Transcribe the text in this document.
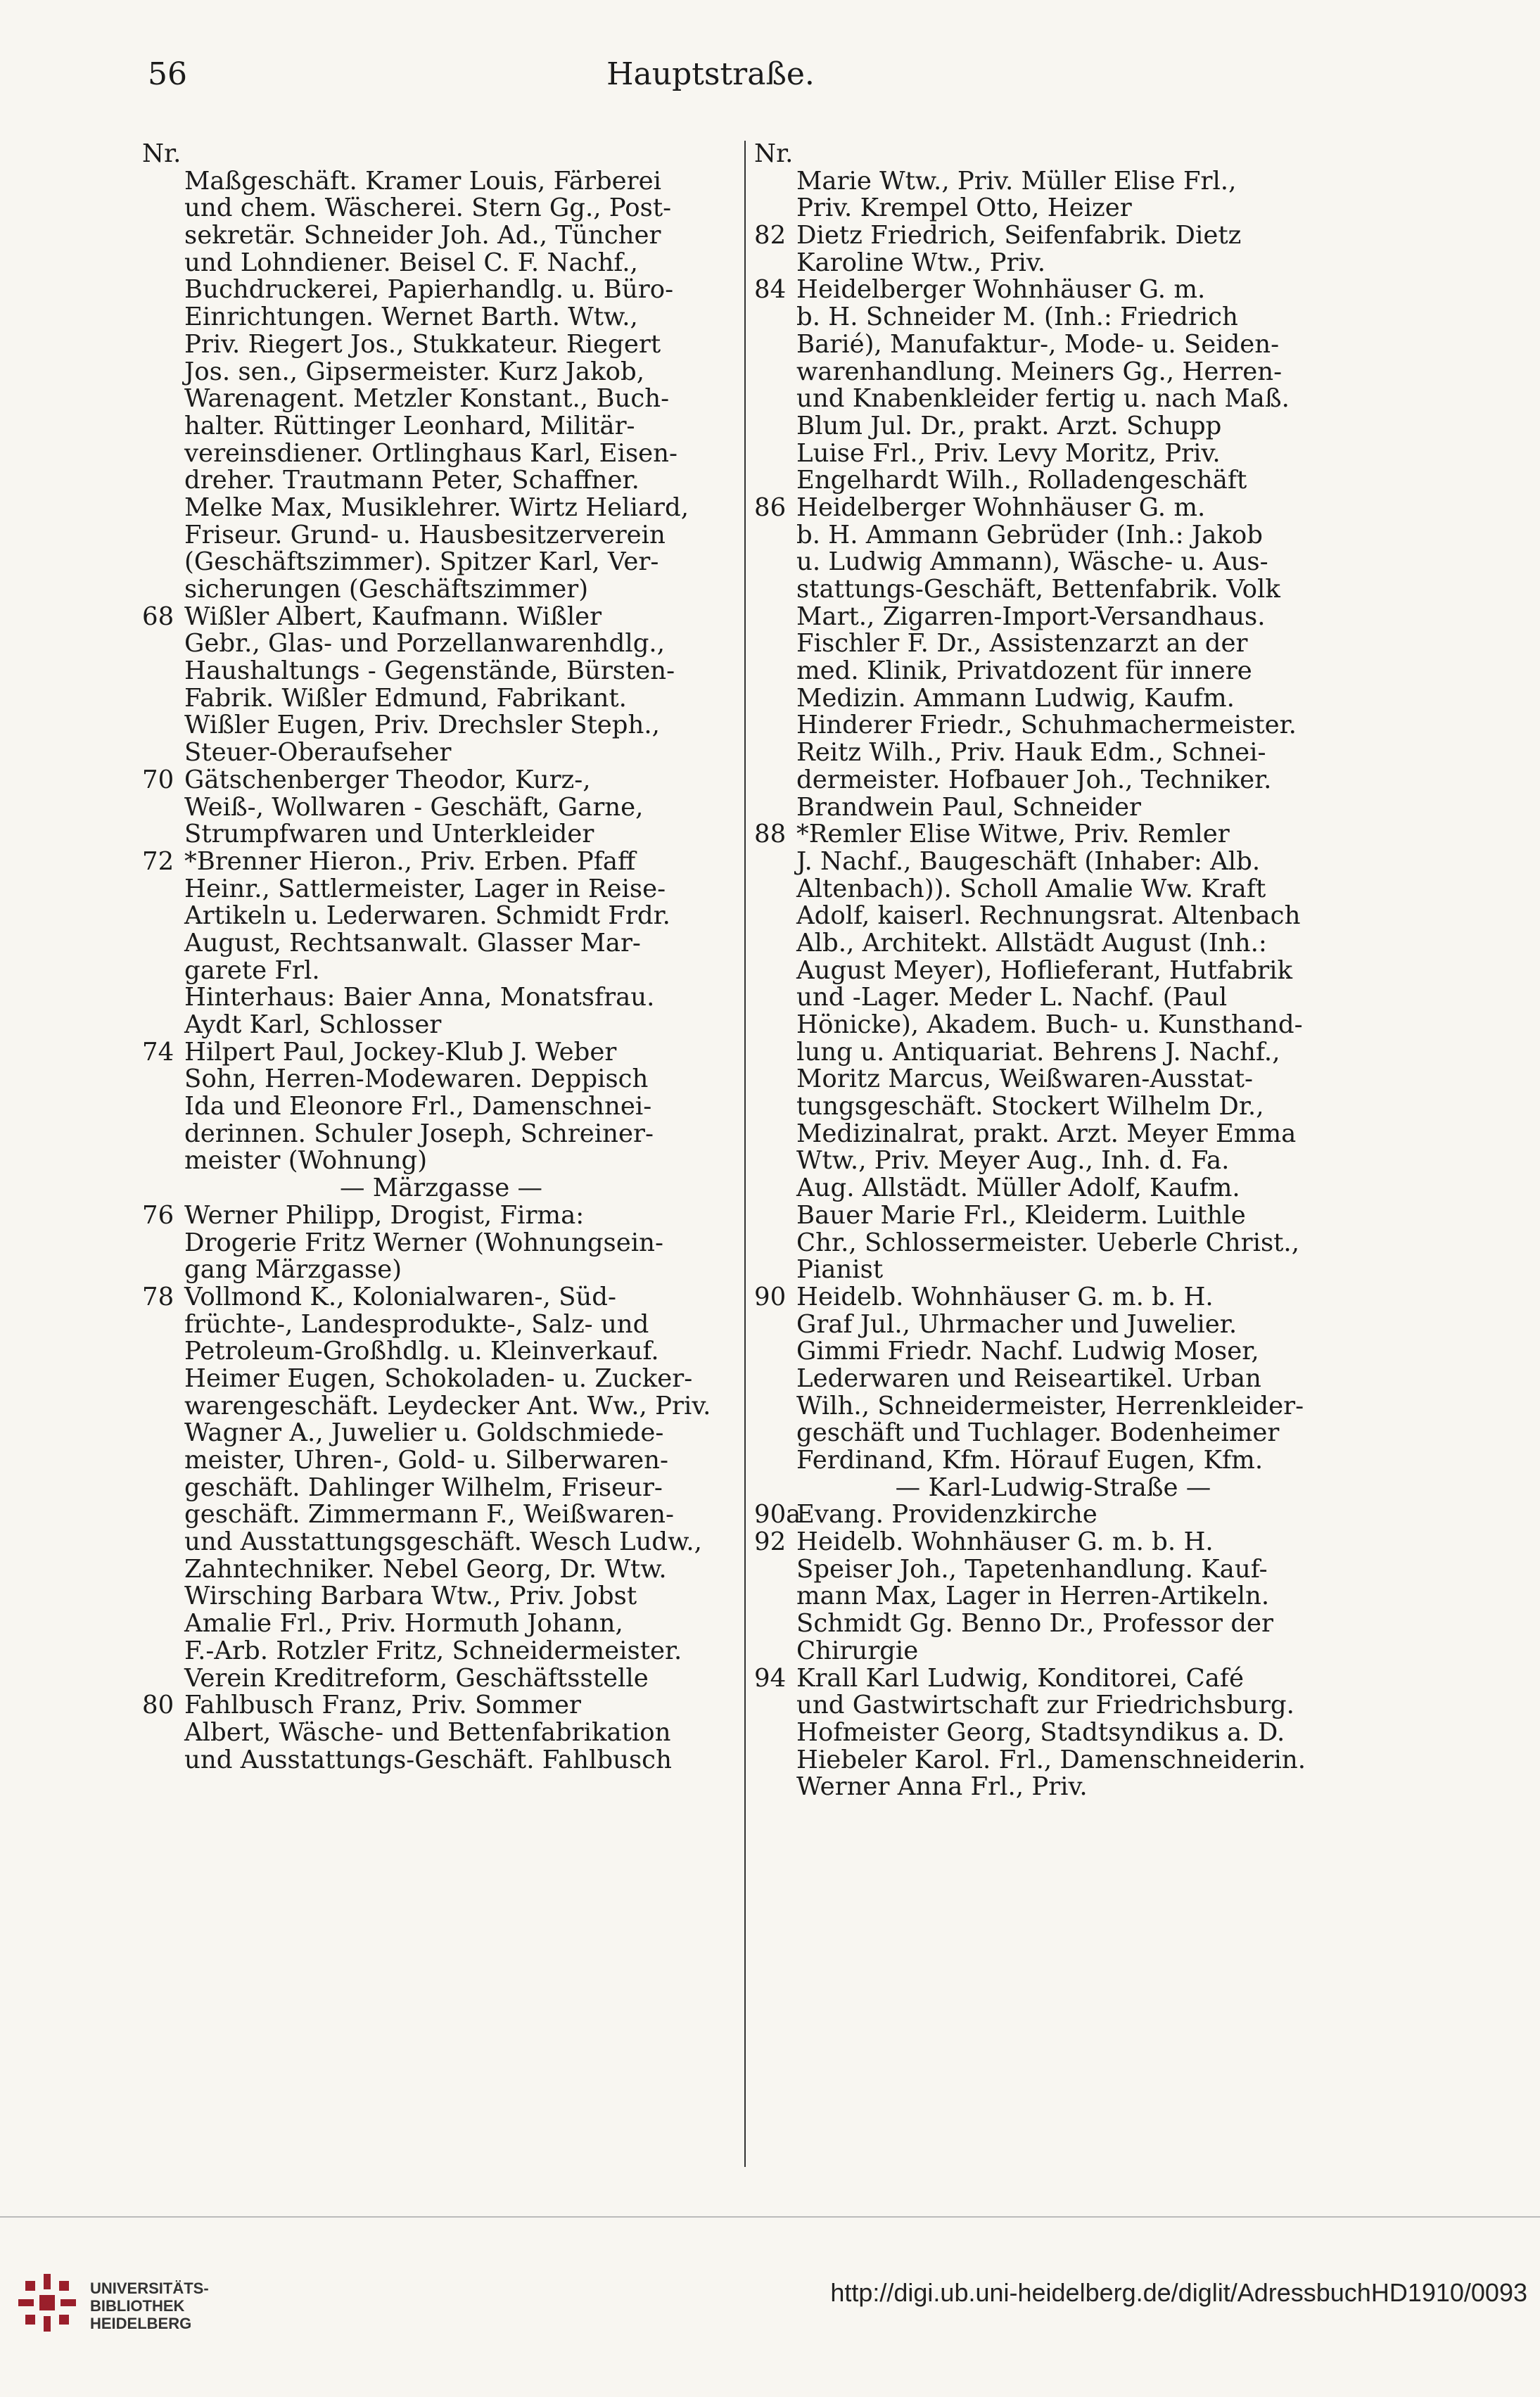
56	Hauptstraße.
Nr.
Maßgeschäft. Kramer Louis, Färberei
und chem. Wäscherei. Stern Gg., Post-
sekretär. Schneider Joh. Ad., Tüncher
und Lohndiener. Beisel C. F. Nachf.,
Buchdruckerei, Papierhandlg. u. Büro-
Einrichtungen. Wernet Barth. Wtw.,
Priv. Riegert Jos., Stukkateur. Riegert
Jos. sen., Gipsermeister. Kurz Jakob,
Warenagent. Metzler Konstant., Buch-
halter. Rüttinger Leonhard, Militär-
vereinsdiener. Ortlinghaus Karl, Eisen-
dreher. Trautmann Peter, Schaffner.
Melke Max, Musiklehrer. Wirtz Heliard,
Friseur. Grund- u. Hausbesitzerverein
(Geschäftszimmer). Spitzer Karl, Ver-
sicherungen (Geschäftszimmer)
68 Wißler Albert, Kaufmann. Wißler
Gebr., Glas- und Porzellanwarenhdlg.,
Haushaltungs - Gegenstände, Bürsten-
Fabrik. Wißler Edmund, Fabrikant.
Wißler Eugen, Priv. Drechsler Steph.,
Steuer-Oberaufseher
70 Gätschenberger Theodor, Kurz-,
Weiß-, Wollwaren - Geschäft, Garne,
Strumpfwaren und Unterkleider
72 *Brenner Hieron., Priv. Erben. Pfaff
Heinr., Sattlermeister, Lager in Reise-
Artikeln u. Lederwaren. Schmidt Frdr.
August, Rechtsanwalt. Glasser Mar-
garete Frl.
Hinterhaus: Baier Anna, Monatsfrau.
Aydt Karl, Schlosser
74 Hilpert Paul, Jockey-Klub J. Weber
Sohn, Herren-Modewaren. Deppisch
Ida und Eleonore Frl., Damenschnei-
derinnen. Schuler Joseph, Schreiner-
meister (Wohnung)
— Märzgasse —
76 Werner Philipp, Drogist, Firma:
Drogerie Fritz Werner (Wohnungsein-
gang Märzgasse)
78 Vollmond K., Kolonialwaren-, Süd-
früchte-, Landesprodukte-, Salz- und
Petroleum-Großhdlg. u. Kleinverkauf.
Heimer Eugen, Schokoladen- u. Zucker-
warengeschäft. Leydecker Ant. Ww., Priv.
Wagner A., Juwelier u. Goldschmiede-
meister, Uhren-, Gold- u. Silberwaren-
geschäft. Dahlinger Wilhelm, Friseur-
geschäft. Zimmermann F., Weißwaren-
und Ausstattungsgeschäft. Wesch Ludw.,
Zahntechniker. Nebel Georg, Dr. Wtw.
Wirsching Barbara Wtw., Priv. Jobst
Amalie Frl., Priv. Hormuth Johann,
F.-Arb. Rotzler Fritz, Schneidermeister.
Verein Kreditreform, Geschäftsstelle
80 Fahlbusch Franz, Priv. Sommer
Albert, Wäsche- und Bettenfabrikation
und Ausstattungs-Geschäft. Fahlbusch
Nr.
Marie Wtw., Priv. Müller Elise Frl.,
Priv. Krempel Otto, Heizer
82 Dietz Friedrich, Seifenfabrik. Dietz
Karoline Wtw., Priv.
84 Heidelberger Wohnhäuser G. m.
b. H. Schneider M. (Inh.: Friedrich
Barié), Manufaktur-, Mode- u. Seiden-
warenhandlung. Meiners Gg., Herren-
und Knabenkleider fertig u. nach Maß.
Blum Jul. Dr., prakt. Arzt. Schupp
Luise Frl., Priv. Levy Moritz, Priv.
Engelhardt Wilh., Rolladengeschäft
86 Heidelberger Wohnhäuser G. m.
b. H. Ammann Gebrüder (Inh.: Jakob
u. Ludwig Ammann), Wäsche- u. Aus-
stattungs-Geschäft, Bettenfabrik. Volk
Mart., Zigarren-Import-Versandhaus.
Fischler F. Dr., Assistenzarzt an der
med. Klinik, Privatdozent für innere
Medizin. Ammann Ludwig, Kaufm.
Hinderer Friedr., Schuhmachermeister.
Reitz Wilh., Priv. Hauk Edm., Schnei-
dermeister. Hofbauer Joh., Techniker.
Brandwein Paul, Schneider
88 *Remler Elise Witwe, Priv. Remler
J. Nachf., Baugeschäft (Inhaber: Alb.
Altenbach)). Scholl Amalie Ww. Kraft
Adolf, kaiserl. Rechnungsrat. Altenbach
Alb., Architekt. Allstädt August (Inh.:
August Meyer), Hoflieferant, Hutfabrik
und -Lager. Meder L. Nachf. (Paul
Hönicke), Akadem. Buch- u. Kunsthand-
lung u. Antiquariat. Behrens J. Nachf.,
Moritz Marcus, Weißwaren-Ausstat-
tungsgeschäft. Stockert Wilhelm Dr.,
Medizinalrat, prakt. Arzt. Meyer Emma
Wtw., Priv. Meyer Aug., Inh. d. Fa.
Aug. Allstädt. Müller Adolf, Kaufm.
Bauer Marie Frl., Kleiderm. Luithle
Chr., Schlossermeister. Ueberle Christ.,
Pianist
90 Heidelb. Wohnhäuser G. m. b. H.
Graf Jul., Uhrmacher und Juwelier.
Gimmi Friedr. Nachf. Ludwig Moser,
Lederwaren und Reiseartikel. Urban
Wilh., Schneidermeister, Herrenkleider-
geschäft und Tuchlager. Bodenheimer
Ferdinand, Kfm. Hörauf Eugen, Kfm.
— Karl-Ludwig-Straße —
90aEvang. Providenzkirche
92 Heidelb. Wohnhäuser G. m. b. H.
Speiser Joh., Tapetenhandlung. Kauf-
mann Max, Lager in Herren-Artikeln.
Schmidt Gg. Benno Dr., Professor der
Chirurgie
94 Krall Karl Ludwig, Konditorei, Café
und Gastwirtschaft zur Friedrichsburg.
Hofmeister Georg, Stadtsyndikus a. D.
Hiebeler Karol. Frl., Damenschneiderin.
Werner Anna Frl., Priv.
UNIVERSITÄTS-
BIBLIOTHEK
HEIDELBERG
http://digi.ub.uni-heidelberg.de/diglit/AdressbuchHD1910/0093
